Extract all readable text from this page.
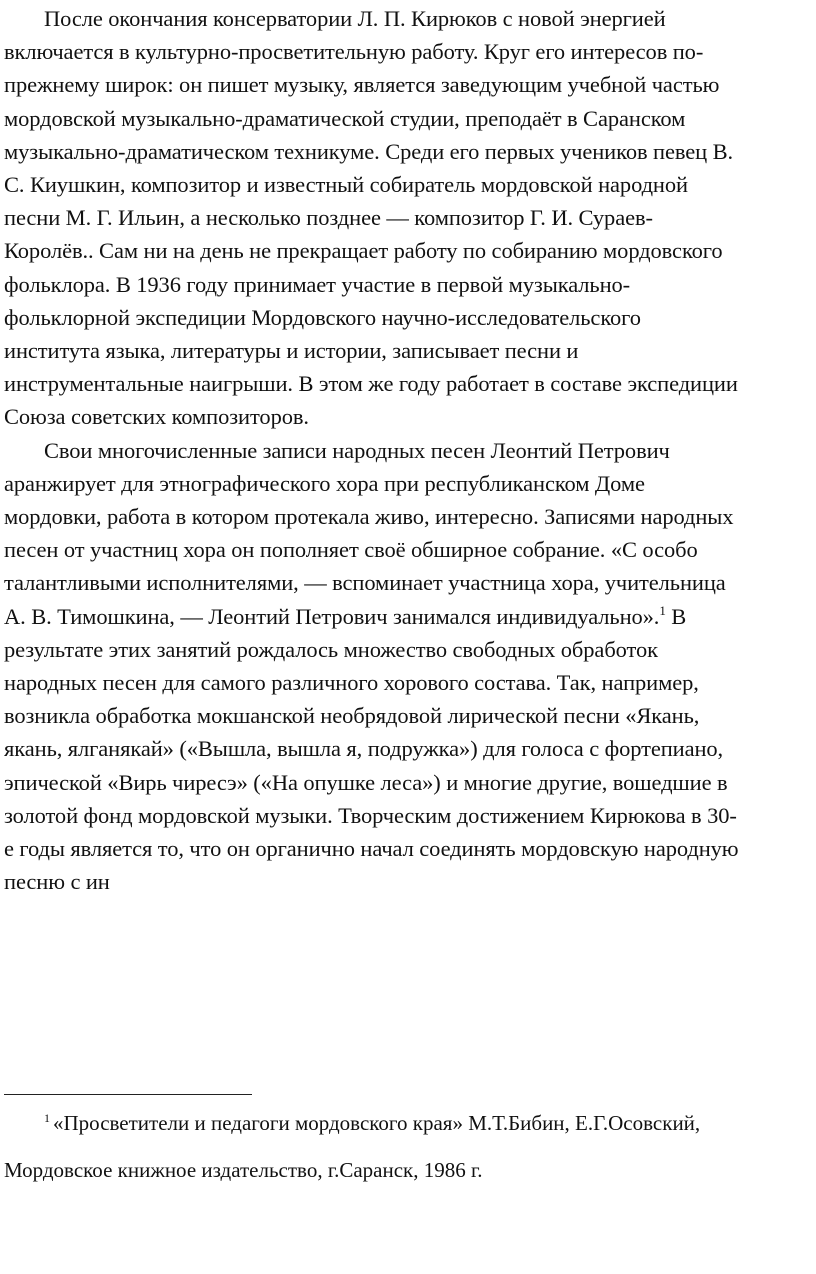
После окончания консерватории Л. П. Кирюков с новой энергией
включается в культурно-просветительную работу. Круг его интересов по-
прежнему широк: он пишет музыку, является заведующим учебной частью
мордовской музыкально-драматической студии, преподаёт в Саранском
музыкально-драматическом техникуме. Среди его первых учеников певец В.
С. Киушкин, композитор и известный собиратель мордовской народной
песни М. Г. Ильин, а несколько позднее — композитор Г. И. Сураев-
Королёв.. Сам ни на день не прекращает работу по собиранию мордовского
фольклора. В 1936 году принимает участие в первой музыкально-
фольклорной экспедиции Мордовского научно-исследовательского
института языка, литературы и истории, записывает песни и
инструментальные наигрыши. В этом же году работает в составе экспедиции
Союза советских композиторов.

Свои многочисленные записи народных песен Леонтий Петрович
аранжирует для этнографического хора при республиканском Доме
мордовки, работа в котором протекала живо, интересно. Записями народных
песен от участниц хора он пополняет своё обширное собрание. «С особо
талантливыми исполнителями, — вспоминает участница хора, учительница
А. В. Тимошкина, — Леонтий Петрович занимался индивидуально».$^1$ В
результате этих занятий рождалось множество свободных обработок
народных песен для самого различного хорового состава. Так, например,
возникла обработка мокшанской необрядовой лирической песни «Якань,
якань, ялганякай» («Вышла, вышла я, подружка») для голоса с фортепиано,
эпической «Вирь чиресэ» («На опушке леса») и многие другие, вошедшие в
золотой фонд мордовской музыки. Творческим достижением Кирюкова в 30-
е годы является то, что он органично начал соединять мордовскую народную
песню с ин

$^1$ «Просветители и педагоги мордовского края» М.Т.Бибин, Е.Г.Осовский,
Мордовское книжное издательство, г.Саранск, 1986 г.
